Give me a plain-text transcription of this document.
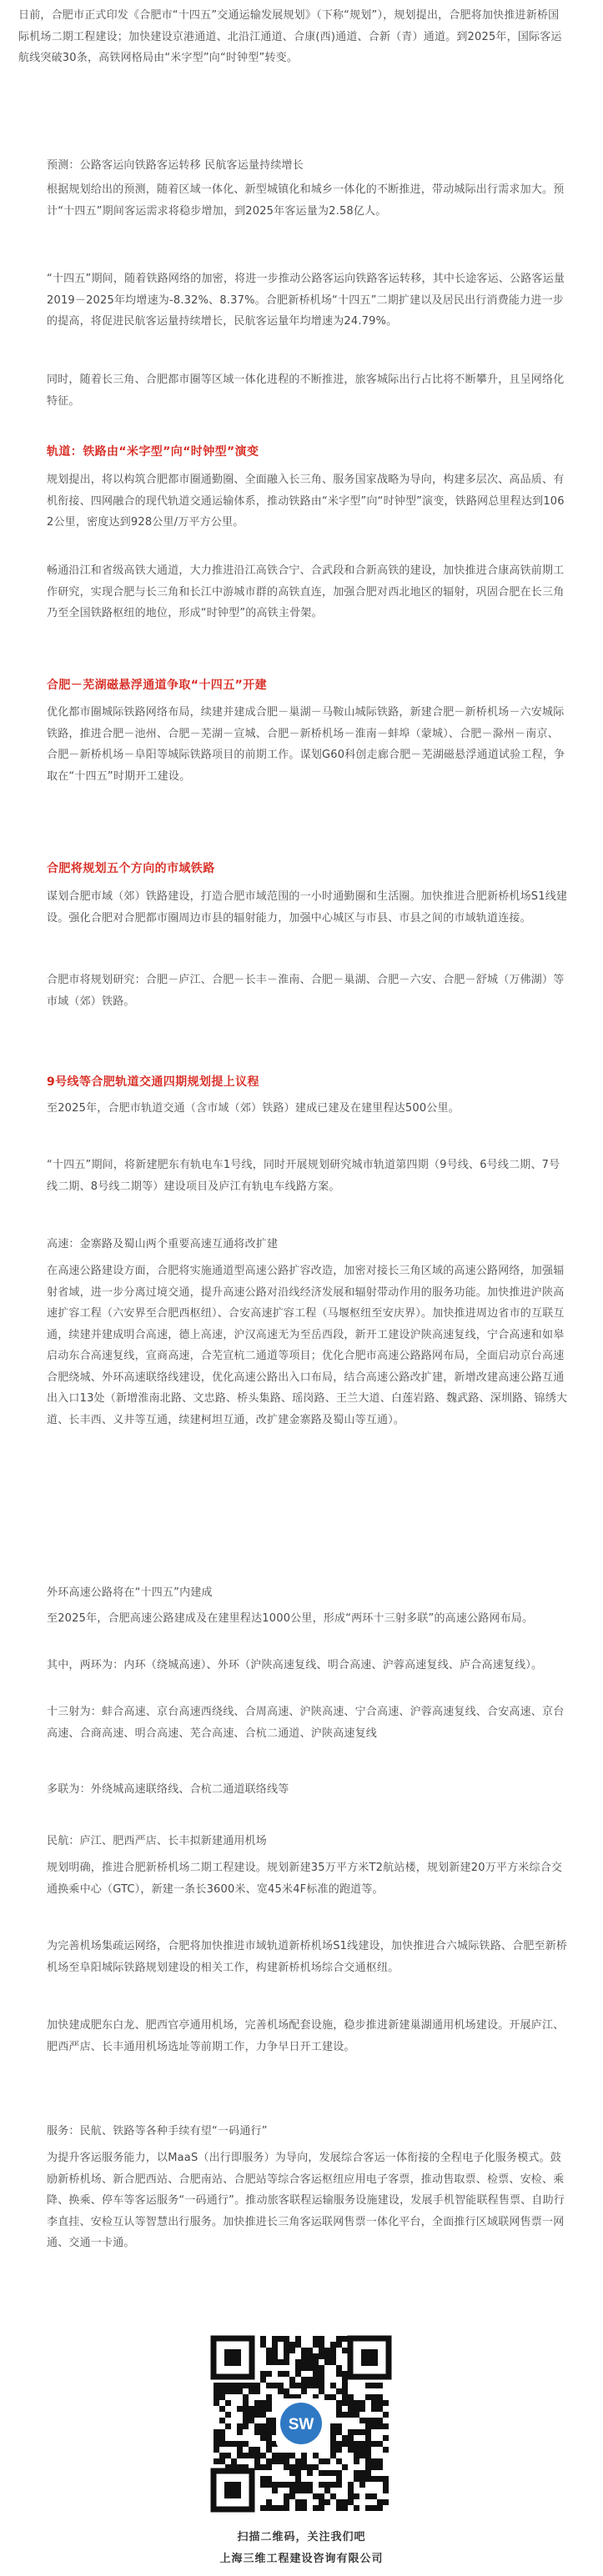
日前，合肥市正式印发《合肥市“十四五”交通运输发展规划》（下称“规划”），规划提出，合肥将加快推进新桥国际机场二期工程建设；加快建设京港通道、北沿江通道、合康(西)通道、合新（青）通道。到2025年，国际客运航线突破30条，高铁网格局由“米字型”向“时钟型”转变。

预测：公路客运向铁路客运转移 民航客运量持续增长

根据规划给出的预测，随着区域一体化、新型城镇化和城乡一体化的不断推进，带动城际出行需求加大。预计“十四五”期间客运需求将稳步增加，到2025年客运量为2.58亿人。

“十四五”期间，随着铁路网络的加密，将进一步推动公路客运向铁路客运转移，其中长途客运、公路客运量2019－2025年均增速为-8.32%、8.37%。合肥新桥机场“十四五”二期扩建以及居民出行消费能力进一步的提高，将促进民航客运量持续增长，民航客运量年均增速为24.79%。

同时，随着长三角、合肥都市圈等区域一体化进程的不断推进，旅客城际出行占比将不断攀升，且呈网络化特征。

轨道：铁路由“米字型”向“时钟型”演变

规划提出，将以构筑合肥都市圈通勤圈、全面融入长三角、服务国家战略为导向，构建多层次、高品质、有机衔接、四网融合的现代轨道交通运输体系，推动铁路由“米字型”向“时钟型”演变，铁路网总里程达到1062公里，密度达到928公里/万平方公里。

畅通沿江和省级高铁大通道，大力推进沿江高铁合宁、合武段和合新高铁的建设，加快推进合康高铁前期工作研究，实现合肥与长三角和长江中游城市群的高铁直连，加强合肥对西北地区的辐射，巩固合肥在长三角乃至全国铁路枢纽的地位，形成“时钟型”的高铁主骨架。

合肥－芜湖磁悬浮通道争取“十四五”开建

优化都市圈城际铁路网络布局，续建并建成合肥－巢湖－马鞍山城际铁路，新建合肥－新桥机场－六安城际铁路，推进合肥－池州、合肥－芜湖－宣城、合肥－新桥机场－淮南－蚌埠（蒙城）、合肥－滁州－南京、合肥－新桥机场－阜阳等城际铁路项目的前期工作。谋划G60科创走廊合肥－芜湖磁悬浮通道试验工程，争取在“十四五”时期开工建设。

合肥将规划五个方向的市域铁路

谋划合肥市域（郊）铁路建设，打造合肥市域范围的一小时通勤圈和生活圈。加快推进合肥新桥机场S1线建设。强化合肥对合肥都市圈周边市县的辐射能力，加强中心城区与市县、市县之间的市域轨道连接。

合肥市将规划研究：合肥－庐江、合肥－长丰－淮南、合肥－巢湖、合肥－六安、合肥－舒城（万佛湖）等市域（郊）铁路。

9号线等合肥轨道交通四期规划提上议程

至2025年，合肥市轨道交通（含市域（郊）铁路）建成已建及在建里程达500公里。

“十四五”期间，将新建肥东有轨电车1号线，同时开展规划研究城市轨道第四期（9号线、6号线二期、7号线二期、8号线二期等）建设项目及庐江有轨电车线路方案。

高速：金寨路及蜀山两个重要高速互通将改扩建

在高速公路建设方面，合肥将实施通道型高速公路扩容改造，加密对接长三角区域的高速公路网络，加强辐射省域，进一步分离过境交通，提升高速公路对沿线经济发展和辐射带动作用的服务功能。加快推进沪陕高速扩容工程（六安界至合肥西枢纽）、合安高速扩容工程（马堰枢纽至安庆界）。加快推进周边省市的互联互通，续建并建成明合高速，德上高速，沪汉高速无为至岳西段，新开工建设沪陕高速复线，宁合高速和如皋启动东合高速复线，宣商高速，合芜宣杭二通道等项目；优化合肥市高速公路路网布局，全面启动京台高速合肥绕城、外环高速联络线建设，优化高速公路出入口布局，结合高速公路改扩建，新增改建高速公路互通出入口13处（新增淮南北路、文忠路、桥头集路、瑶岗路、王兰大道、白莲岩路、魏武路、深圳路、锦绣大道、长丰西、义井等互通，续建柯坦互通，改扩建金寨路及蜀山等互通）。

外环高速公路将在“十四五”内建成

至2025年，合肥高速公路建成及在建里程达1000公里，形成“两环十三射多联”的高速公路网布局。

其中，两环为：内环（绕城高速）、外环（沪陕高速复线、明合高速、沪蓉高速复线、庐合高速复线）。

十三射为：蚌合高速、京台高速西绕线、合周高速、沪陕高速、宁合高速、沪蓉高速复线、合安高速、京台高速、合商高速、明合高速、芜合高速、合杭二通道、沪陕高速复线

多联为：外绕城高速联络线、合杭二通道联络线等

民航：庐江、肥西严店、长丰拟新建通用机场

规划明确，推进合肥新桥机场二期工程建设。规划新建35万平方米T2航站楼，规划新建20万平方米综合交通换乘中心（GTC），新建一条长3600米、宽45米4F标准的跑道等。

为完善机场集疏运网络，合肥将加快推进市域轨道新桥机场S1线建设，加快推进合六城际铁路、合肥至新桥机场至阜阳城际铁路规划建设的相关工作，构建新桥机场综合交通枢纽。

加快建成肥东白龙、肥西官亭通用机场，完善机场配套设施，稳步推进新建巢湖通用机场建设。开展庐江、肥西严店、长丰通用机场选址等前期工作，力争早日开工建设。

服务：民航、铁路等各种手续有望“一码通行”

为提升客运服务能力，以MaaS（出行即服务）为导向，发展综合客运一体衔接的全程电子化服务模式。鼓励新桥机场、新合肥西站、合肥南站、合肥站等综合客运枢纽应用电子客票，推动售取票、检票、安检、乘降、换乘、停车等客运服务“一码通行”。推动旅客联程运输服务设施建设，发展手机智能联程售票、自助行李直挂、安检互认等智慧出行服务。加快推进长三角客运联网售票一体化平台，全面推行区域联网售票一网通、交通一卡通。

SW

扫描二维码，关注我们吧

上海三维工程建设咨询有限公司
